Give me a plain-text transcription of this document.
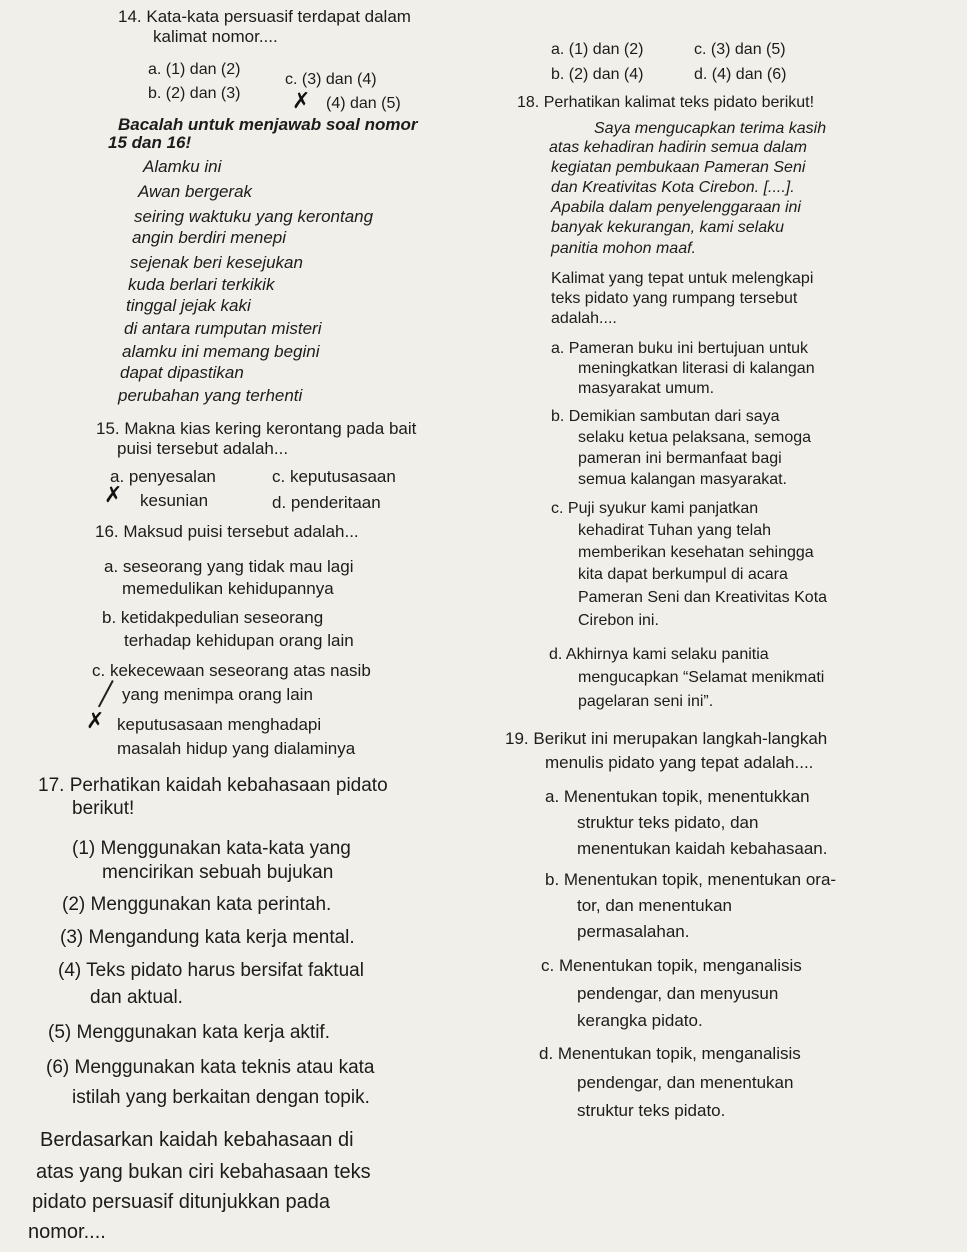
14. Kata-kata persuasif terdapat dalam
kalimat nomor....
a. (1) dan (2)
b. (2) dan (3)
c. (3) dan (4)
✗ (4) dan (5)
Bacalah untuk menjawab soal nomor
15 dan 16!
Alamku ini
Awan bergerak
seiring waktuku yang kerontang
angin berdiri menepi
sejenak beri kesejukan
kuda berlari terkikik
tinggal jejak kaki
di antara rumputan misteri
alamku ini memang begini
dapat dipastikan
perubahan yang terhenti
15. Makna kias kering kerontang pada bait
puisi tersebut adalah...
a. penyesalan	c. keputusasaan
✗ kesunian	d. penderitaan
16. Maksud puisi tersebut adalah...
a. seseorang yang tidak mau lagi
memedulikan kehidupannya
b. ketidakpedulian seseorang
terhadap kehidupan orang lain
c. kekecewaan seseorang atas nasib
yang menimpa orang lain
✗ keputusasaan menghadapi
masalah hidup yang dialaminya
17. Perhatikan kaidah kebahasaan pidato
berikut!
(1) Menggunakan kata-kata yang
mencirikan sebuah bujukan
(2) Menggunakan kata perintah.
(3) Mengandung kata kerja mental.
(4) Teks pidato harus bersifat faktual
dan aktual.
(5) Menggunakan kata kerja aktif.
(6) Menggunakan kata teknis atau kata
istilah yang berkaitan dengan topik.
Berdasarkan kaidah kebahasaan di
atas yang bukan ciri kebahasaan teks
pidato persuasif ditunjukkan pada
nomor....
a. (1) dan (2)	c. (3) dan (5)
b. (2) dan (4)	d. (4) dan (6)
18. Perhatikan kalimat teks pidato berikut!
Saya mengucapkan terima kasih
atas kehadiran hadirin semua dalam
kegiatan pembukaan Pameran Seni
dan Kreativitas Kota Cirebon. [....].
Apabila dalam penyelenggaraan ini
banyak kekurangan, kami selaku
panitia mohon maaf.
Kalimat yang tepat untuk melengkapi
teks pidato yang rumpang tersebut
adalah....
a. Pameran buku ini bertujuan untuk
meningkatkan literasi di kalangan
masyarakat umum.
b. Demikian sambutan dari saya
selaku ketua pelaksana, semoga
pameran ini bermanfaat bagi
semua kalangan masyarakat.
c. Puji syukur kami panjatkan
kehadirat Tuhan yang telah
memberikan kesehatan sehingga
kita dapat berkumpul di acara
Pameran Seni dan Kreativitas Kota
Cirebon ini.
d. Akhirnya kami selaku panitia
mengucapkan “Selamat menikmati
pagelaran seni ini”.
19. Berikut ini merupakan langkah-langkah
menulis pidato yang tepat adalah....
a. Menentukan topik, menentukkan
struktur teks pidato, dan
menentukan kaidah kebahasaan.
b. Menentukan topik, menentukan ora-
tor, dan menentukan
permasalahan.
c. Menentukan topik, menganalisis
pendengar, dan menyusun
kerangka pidato.
d. Menentukan topik, menganalisis
pendengar, dan menentukan
struktur teks pidato.
